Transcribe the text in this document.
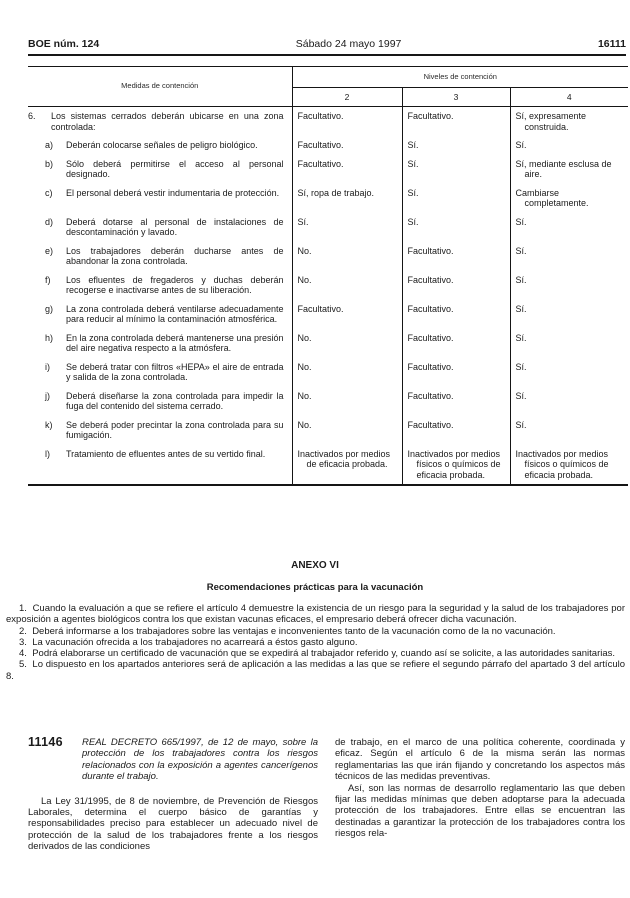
BOE núm. 124	Sábado 24 mayo 1997	16111
Medidas de contención	Niveles de contención		
	2	3	4

6. Los sistemas cerrados deberán ubicarse en una zona controlada:	Facultativo.	Facultativo.	Sí, expresamente construida.

a) Deberán colocarse señales de peligro biológico.	Facultativo.	Sí.	Sí.

b) Sólo deberá permitirse el acceso al personal designado.	Facultativo.	Sí.	Sí, mediante esclusa de aire.

c) El personal deberá vestir indumentaria de protección.	Sí, ropa de trabajo.	Sí.	Cambiarse completamente.

d) Deberá dotarse al personal de instalaciones de descontaminación y lavado.	Sí.	Sí.	Sí.

e) Los trabajadores deberán ducharse antes de abandonar la zona controlada.	No.	Facultativo.	Sí.

f) Los efluentes de fregaderos y duchas deberán recogerse e inactivarse antes de su liberación.	No.	Facultativo.	Sí.

g) La zona controlada deberá ventilarse adecuadamente para reducir al mínimo la contaminación atmosférica.	Facultativo.	Facultativo.	Sí.

h) En la zona controlada deberá mantenerse una presión del aire negativa respecto a la atmósfera.	No.	Facultativo.	Sí.

i) Se deberá tratar con filtros «HEPA» el aire de entrada y salida de la zona controlada.	No.	Facultativo.	Sí.

j) Deberá diseñarse la zona controlada para impedir la fuga del contenido del sistema cerrado.	No.	Facultativo.	Sí.

k) Se deberá poder precintar la zona controlada para su fumigación.	No.	Facultativo.	Sí.

l) Tratamiento de efluentes antes de su vertido final.	Inactivados por medios de eficacia probada.	Inactivados por medios físicos o químicos de eficacia probada.	Inactivados por medios físicos o químicos de eficacia probada.
ANEXO VI
Recomendaciones prácticas para la vacunación

1.  Cuando la evaluación a que se refiere el artículo 4 demuestre la existencia de un riesgo para la seguridad y la salud de los trabajadores por exposición a agentes biológicos contra los que existan vacunas eficaces, el empresario deberá ofrecer dicha vacunación.

2.  Deberá informarse a los trabajadores sobre las ventajas e inconvenientes tanto de la vacunación como de la no vacunación.

3.  La vacunación ofrecida a los trabajadores no acarreará a éstos gasto alguno.

4.  Podrá elaborarse un certificado de vacunación que se expedirá al trabajador referido y, cuando así se solicite, a las autoridades sanitarias.

5.  Lo dispuesto en los apartados anteriores será de aplicación a las medidas a las que se refiere el segundo párrafo del apartado 3 del artículo 8.

11146	REAL DECRETO 665/1997, de 12 de mayo, sobre la protección de los trabajadores contra los riesgos relacionados con la exposición a agentes cancerígenos durante el trabajo.

La Ley 31/1995, de 8 de noviembre, de Prevención de Riesgos Laborales, determina el cuerpo básico de garantías y responsabilidades preciso para establecer un adecuado nivel de protección de la salud de los trabajadores frente a los riesgos derivados de las condiciones

de trabajo, en el marco de una política coherente, coordinada y eficaz. Según el artículo 6 de la misma serán las normas reglamentarias las que irán fijando y concretando los aspectos más técnicos de las medidas preventivas.

Así, son las normas de desarrollo reglamentario las que deben fijar las medidas mínimas que deben adoptarse para la adecuada protección de los trabajadores. Entre ellas se encuentran las destinadas a garantizar la protección de los trabajadores contra los riesgos rela-
